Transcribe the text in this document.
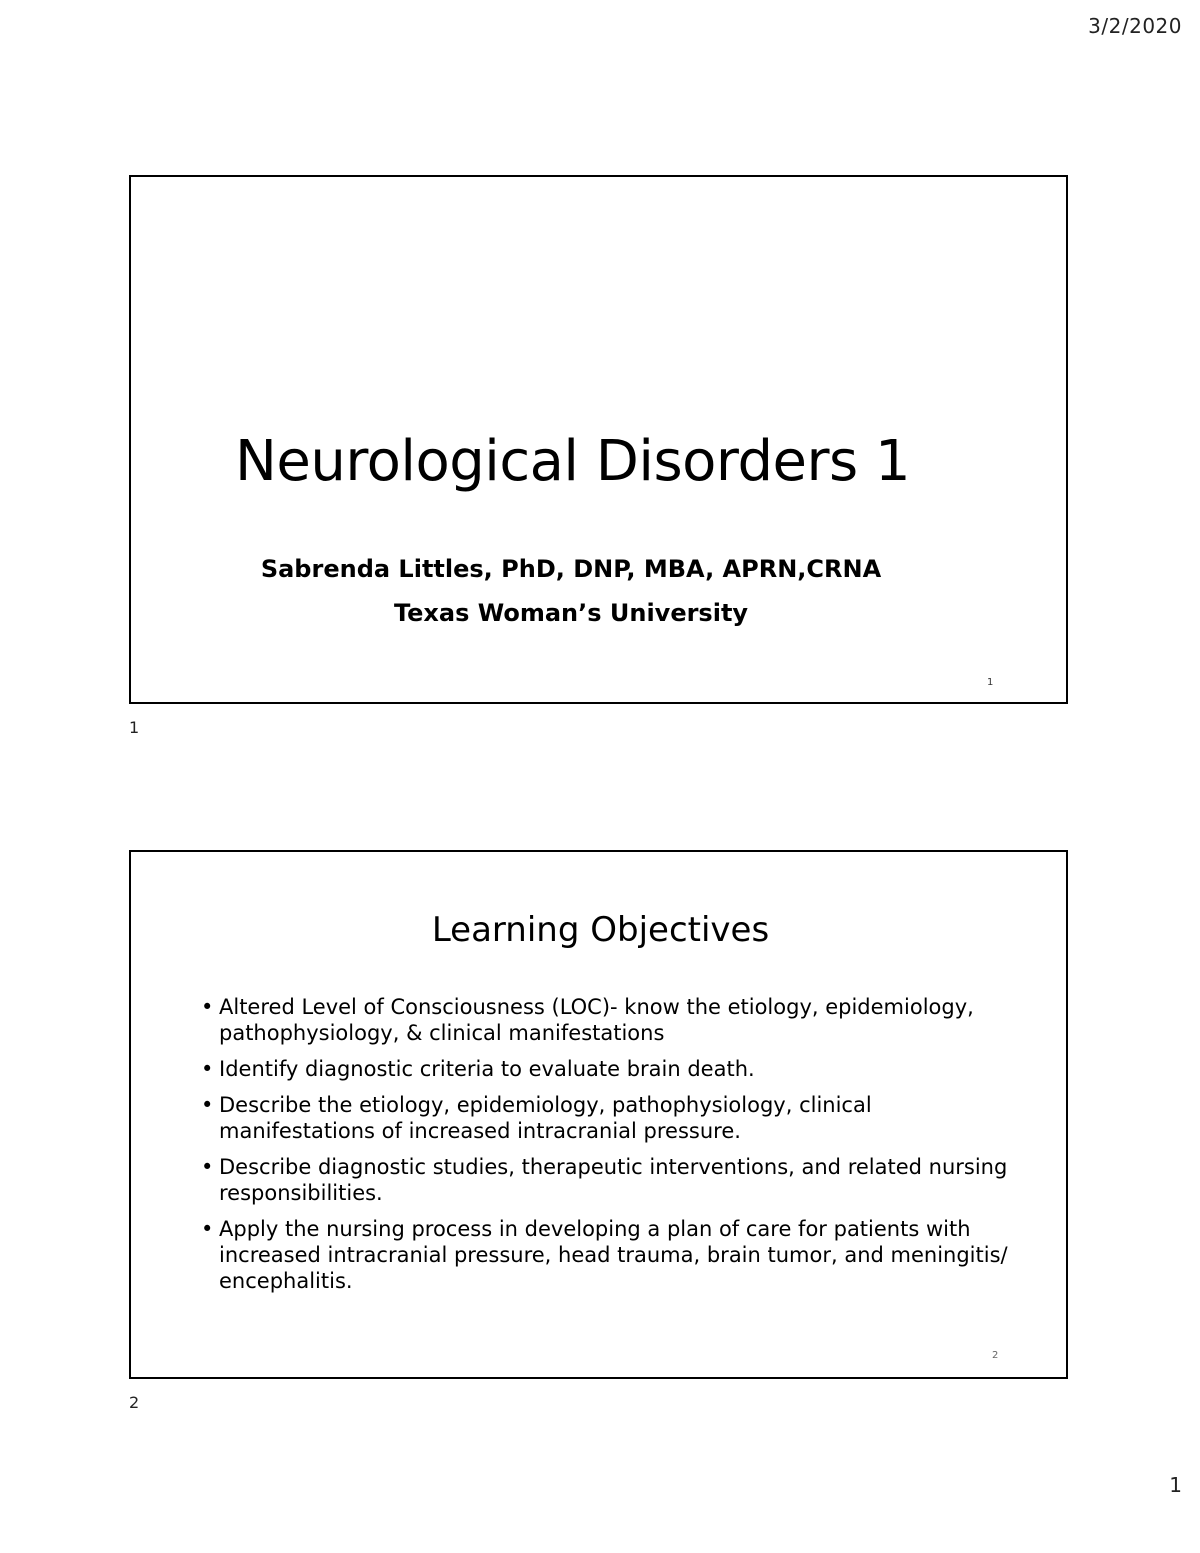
3/2/2020
Neurological Disorders 1
Sabrenda Littles, PhD, DNP, MBA, APRN,CRNA
Texas Woman’s University
1
1
Learning Objectives
• Altered Level of Consciousness (LOC)- know the etiology, epidemiology, pathophysiology, & clinical manifestations
• Identify diagnostic criteria to evaluate brain death.
• Describe the etiology, epidemiology, pathophysiology, clinical manifestations of increased intracranial pressure.
• Describe diagnostic studies, therapeutic interventions, and related nursing responsibilities.
• Apply the nursing process in developing a plan of care for patients with increased intracranial pressure, head trauma, brain tumor, and meningitis/ encephalitis.
2
2
1
